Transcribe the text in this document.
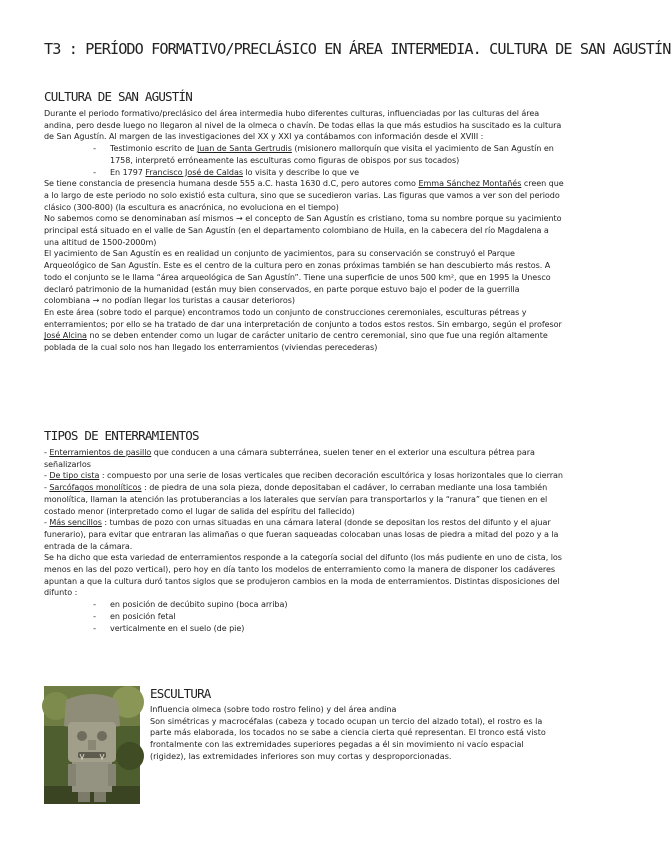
T3 : PERÍODO FORMATIVO/PRECLÁSICO EN ÁREA INTERMEDIA. CULTURA DE SAN AGUSTÍN
CULTURA DE SAN AGUSTÍN

Durante el periodo formativo/preclásico del área intermedia hubo diferentes culturas, influenciadas por las culturas del área andina, pero desde luego no llegaron al nivel de la olmeca o chavín. De todas ellas la que más estudios ha suscitado es la cultura de San Agustín. Al margen de las investigaciones del XX y XXI ya contábamos con información desde el XVIII :

-	Testimonio escrito de Juan de Santa Gertrudis (misionero mallorquín que visita el yacimiento de San Agustín en 1758, interpretó erróneamente las esculturas como figuras de obispos por sus tocados)
-	En 1797 Francisco José de Caldas lo visita y describe lo que ve

Se tiene constancia de presencia humana desde 555 a.C. hasta 1630 d.C, pero autores como Emma Sánchez Montañés creen que a lo largo de este periodo no solo existió esta cultura, sino que se sucedieron varias. Las figuras que vamos a ver son del periodo clásico (300-800) (la escultura es anacrónica, no evoluciona en el tiempo)

No sabemos como se denominaban así mismos → el concepto de San Agustín es cristiano, toma su nombre porque su yacimiento principal está situado en el valle de San Agustín (en el departamento colombiano de Huila, en la cabecera del río Magdalena a una altitud de 1500-2000m)

El yacimiento de San Agustín es en realidad un conjunto de yacimientos, para su conservación se construyó el Parque Arqueológico de San Agustín. Este es el centro de la cultura pero en zonas próximas también se han descubierto más restos. A todo el conjunto se le llama “área arqueológica de San Agustín”. Tiene una superficie de unos 500 km², que en 1995 la Unesco declaró patrimonio de la humanidad (están muy bien conservados, en parte porque estuvo bajo el poder de la guerrilla colombiana → no podían llegar los turistas a causar deterioros)

En este área (sobre todo el parque) encontramos todo un conjunto de construcciones ceremoniales, esculturas pétreas y enterramientos; por ello se ha tratado de dar una interpretación de conjunto a todos estos restos. Sin embargo, según el profesor José Alcina no se deben entender como un lugar de carácter unitario de centro ceremonial, sino que fue una región altamente poblada de la cual solo nos han llegado los enterramientos (viviendas perecederas)

TIPOS DE ENTERRAMIENTOS

- Enterramientos de pasillo que conducen a una cámara subterránea, suelen tener en el exterior una escultura pétrea para señalizarlos

- De tipo cista : compuesto por una serie de losas verticales que reciben decoración escultórica y losas horizontales que lo cierran

- Sarcófagos monolíticos : de piedra de una sola pieza, donde depositaban el cadáver, lo cerraban mediante una losa también monolítica, llaman la atención las protuberancias a los laterales que servían para transportarlos y la “ranura” que tienen en el costado menor (interpretado como el lugar de salida del espíritu del fallecido)

- Más sencillos : tumbas de pozo con urnas situadas en una cámara lateral (donde se depositan los restos del difunto y el ajuar funerario), para evitar que entraran las alimañas o que fueran saqueadas colocaban unas losas de piedra a mitad del pozo y a la entrada de la cámara.

Se ha dicho que esta variedad de enterramientos responde a la categoría social del difunto (los más pudiente en uno de cista, los menos en las del pozo vertical), pero hoy en día tanto los modelos de enterramiento como la manera de disponer los cadáveres apuntan a que la cultura duró tantos siglos que se produjeron cambios en la moda de enterramientos. Distintas disposiciones del difunto :

-	en posición de decúbito supino (boca arriba)
-	en posición fetal
-	verticalmente en el suelo (de pie)
ESCULTURA

Influencia olmeca (sobre todo rostro felino) y del área andina

Son simétricas y macrocéfalas (cabeza y tocado ocupan un tercio del alzado total), el rostro es la parte más elaborada, los tocados no se sabe a ciencia cierta qué representan. El tronco está visto frontalmente con las extremidades superiores pegadas a él sin movimiento ni vacío espacial (rigidez), las extremidades inferiores son muy cortas y desproporcionadas.
